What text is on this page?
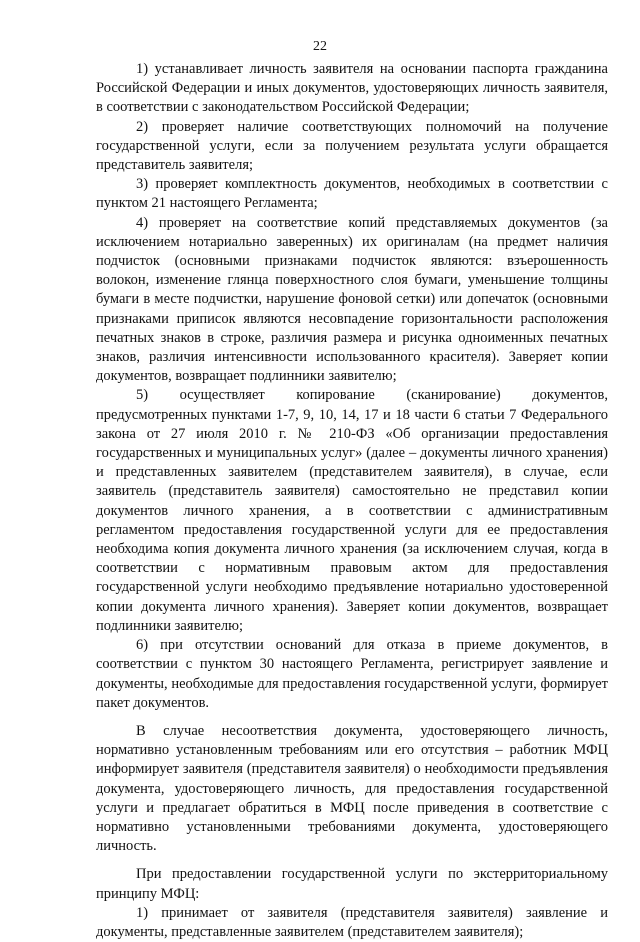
22

1) устанавливает личность заявителя на основании паспорта гражданина Российской Федерации и иных документов, удостоверяющих личность заявителя, в соответствии с законодательством Российской Федерации;

2) проверяет наличие соответствующих полномочий на получение государственной услуги, если за получением результата услуги обращается представитель заявителя;

3) проверяет комплектность документов, необходимых в соответствии с пунктом 21 настоящего Регламента;

4) проверяет на соответствие копий представляемых документов (за исключением нотариально заверенных) их оригиналам (на предмет наличия подчисток (основными признаками подчисток являются: взъерошенность волокон, изменение глянца поверхностного слоя бумаги, уменьшение толщины бумаги в месте подчистки, нарушение фоновой сетки) или допечаток (основными признаками приписок являются несовпадение горизонтальности расположения печатных знаков в строке, различия размера и рисунка одноименных печатных знаков, различия интенсивности использованного красителя). Заверяет копии документов, возвращает подлинники заявителю;

5) осуществляет копирование (сканирование) документов, предусмотренных пунктами 1-7, 9, 10, 14, 17 и 18 части 6 статьи 7 Федерального закона от 27 июля 2010 г. № 210-ФЗ «Об организации предоставления государственных и муниципальных услуг» (далее – документы личного хранения) и представленных заявителем (представителем заявителя), в случае, если заявитель (представитель заявителя) самостоятельно не представил копии документов личного хранения, а в соответствии с административным регламентом предоставления государственной услуги для ее предоставления необходима копия документа личного хранения (за исключением случая, когда в соответствии с нормативным правовым актом для предоставления государственной услуги необходимо предъявление нотариально удостоверенной копии документа личного хранения). Заверяет копии документов, возвращает подлинники заявителю;

6) при отсутствии оснований для отказа в приеме документов, в соответствии с пунктом 30 настоящего Регламента, регистрирует заявление и документы, необходимые для предоставления государственной услуги, формирует пакет документов.

В случае несоответствия документа, удостоверяющего личность, нормативно установленным требованиям или его отсутствия – работник МФЦ информирует заявителя (представителя заявителя) о необходимости предъявления документа, удостоверяющего личность, для предоставления государственной услуги и предлагает обратиться в МФЦ после приведения в соответствие с нормативно установленными требованиями документа, удостоверяющего личность.

При предоставлении государственной услуги по экстерриториальному принципу МФЦ:

1) принимает от заявителя (представителя заявителя) заявление и документы, представленные заявителем (представителем заявителя);
